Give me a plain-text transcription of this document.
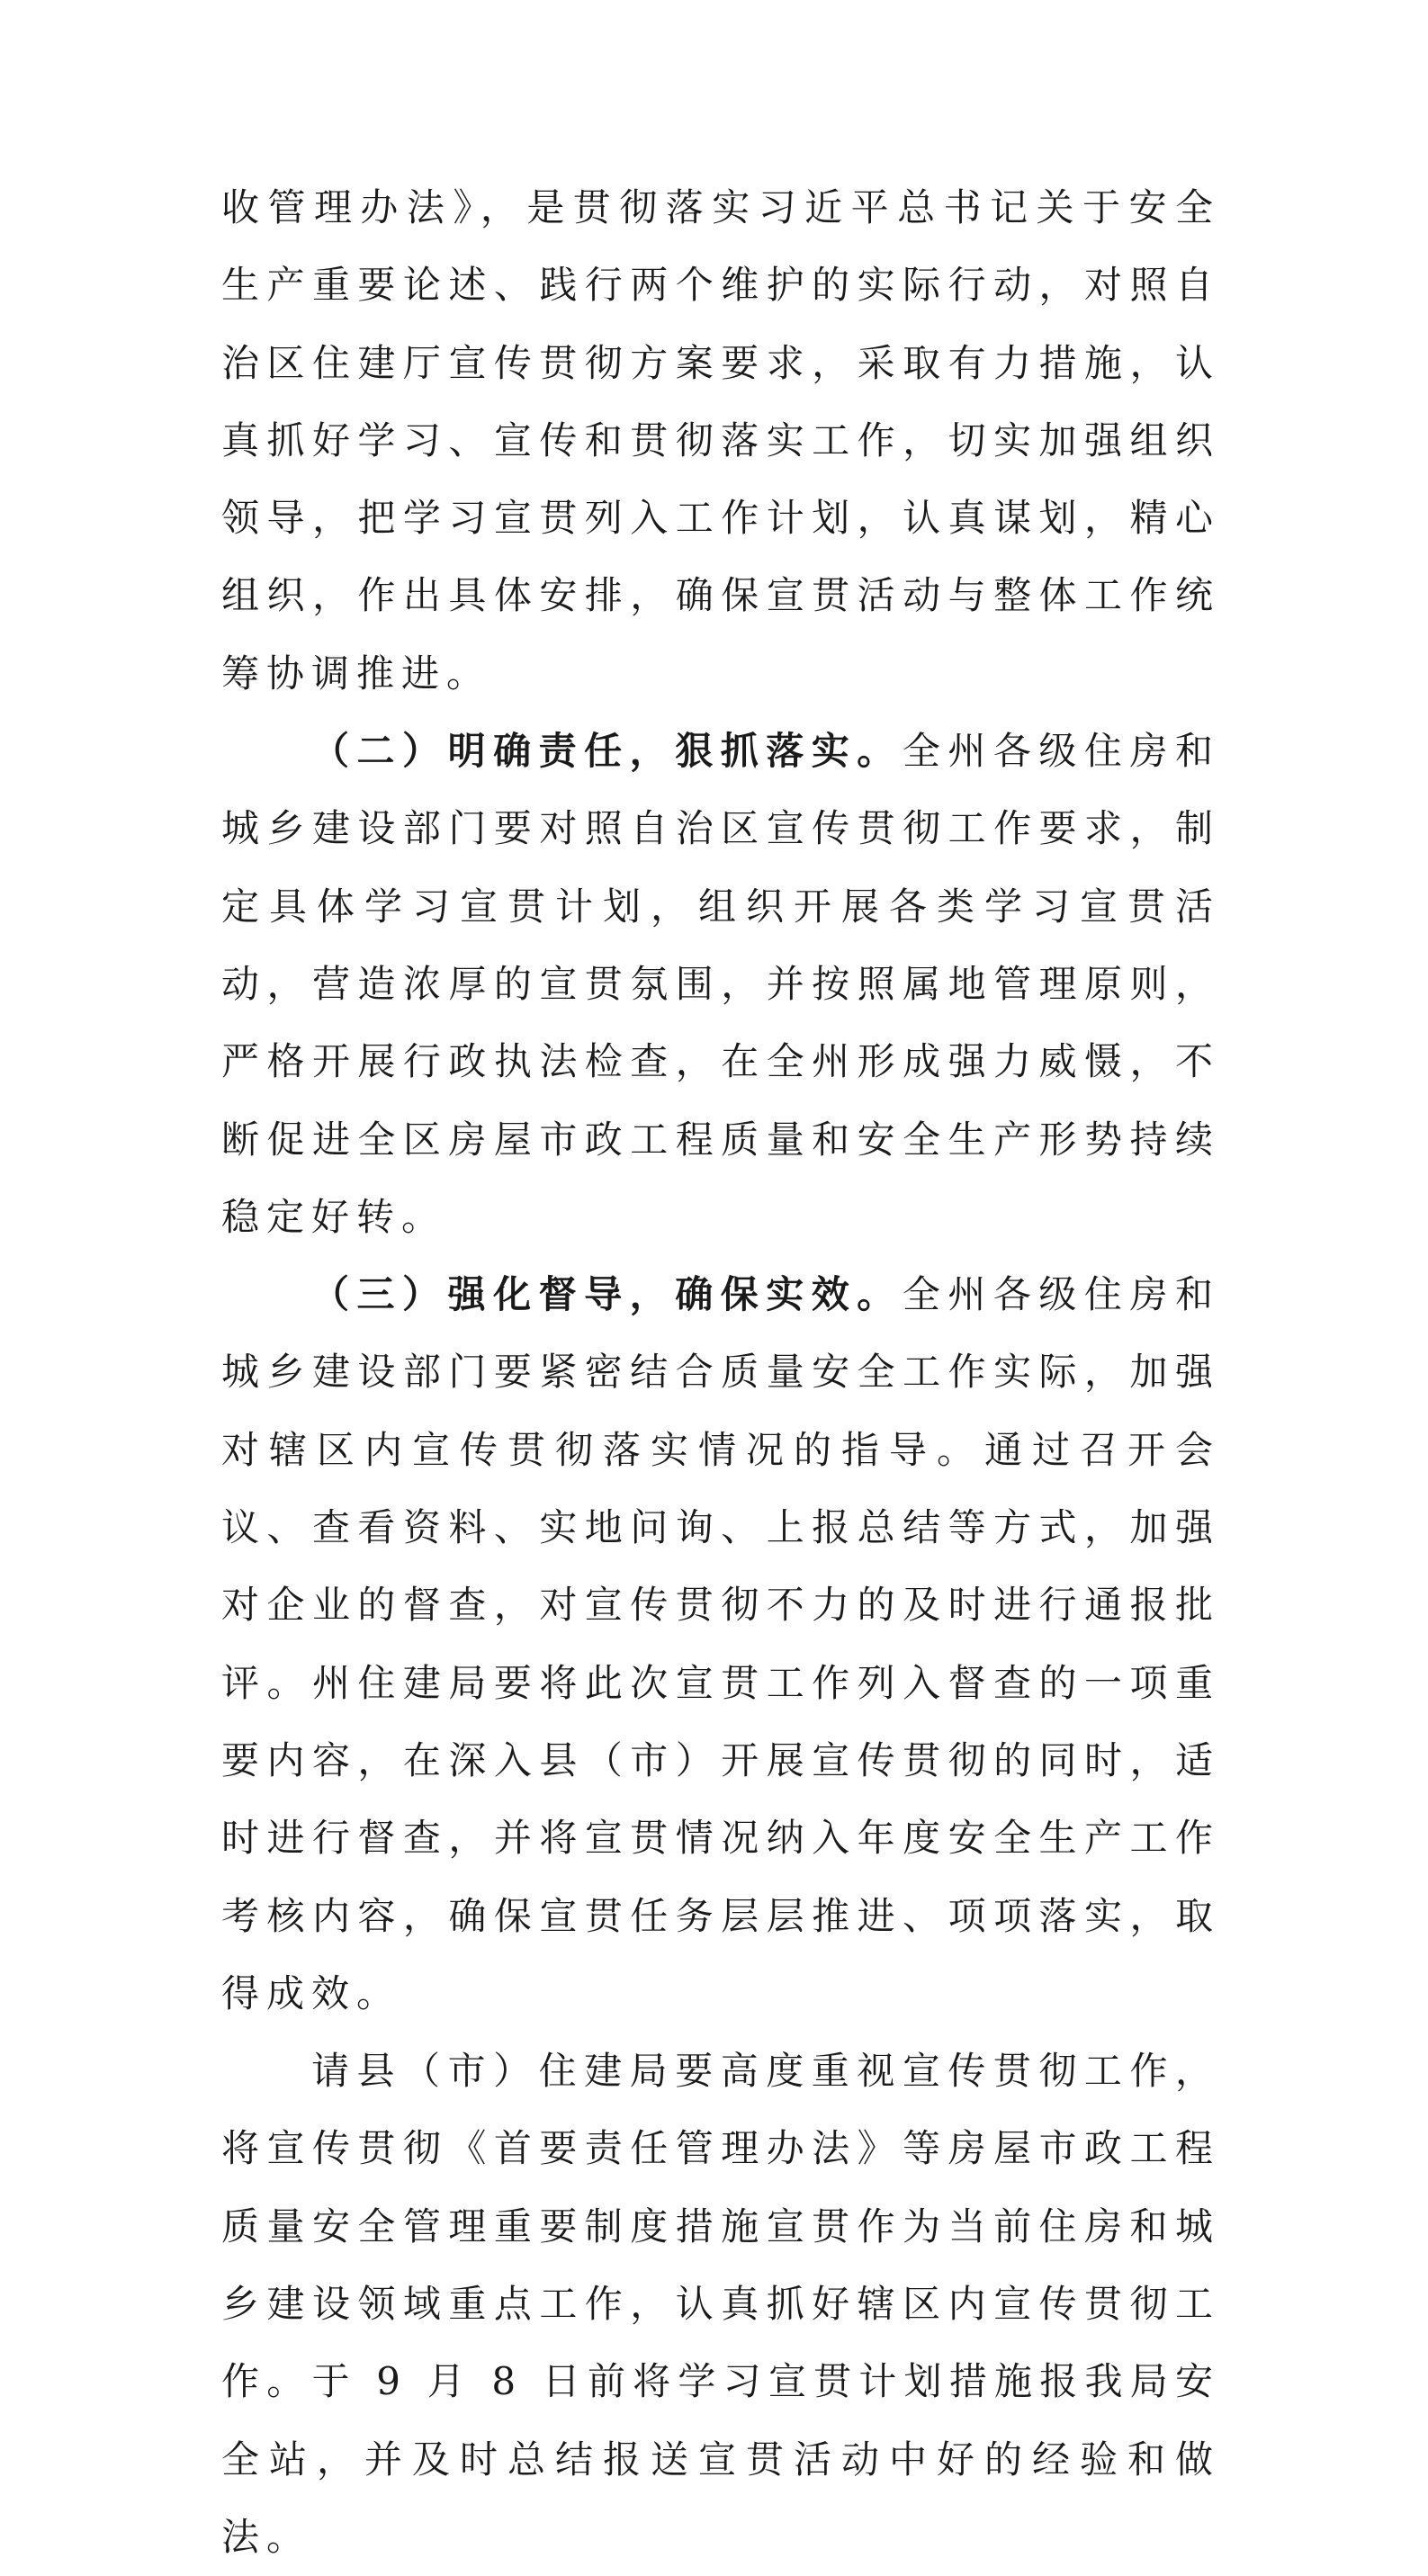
收管理办法》，是贯彻落实习近平总书记关于安全生产重要论述、践行两个维护的实际行动，对照自治区住建厅宣传贯彻方案要求，采取有力措施，认真抓好学习、宣传和贯彻落实工作，切实加强组织领导，把学习宣贯列入工作计划，认真谋划，精心组织，作出具体安排，确保宣贯活动与整体工作统筹协调推进。

（二）明确责任，狠抓落实。全州各级住房和城乡建设部门要对照自治区宣传贯彻工作要求，制定具体学习宣贯计划，组织开展各类学习宣贯活动，营造浓厚的宣贯氛围，并按照属地管理原则，严格开展行政执法检查，在全州形成强力威慑，不断促进全区房屋市政工程质量和安全生产形势持续稳定好转。

（三）强化督导，确保实效。全州各级住房和城乡建设部门要紧密结合质量安全工作实际，加强对辖区内宣传贯彻落实情况的指导。通过召开会议、查看资料、实地问询、上报总结等方式，加强对企业的督查，对宣传贯彻不力的及时进行通报批评。州住建局要将此次宣贯工作列入督查的一项重要内容，在深入县（市）开展宣传贯彻的同时，适时进行督查，并将宣贯情况纳入年度安全生产工作考核内容，确保宣贯任务层层推进、项项落实，取得成效。

请县（市）住建局要高度重视宣传贯彻工作，将宣传贯彻《首要责任管理办法》等房屋市政工程质量安全管理重要制度措施宣贯作为当前住房和城乡建设领域重点工作，认真抓好辖区内宣传贯彻工作。于 9 月 8 日前将学习宣贯计划措施报我局安全站，并及时总结报送宣贯活动中好的经验和做法。
